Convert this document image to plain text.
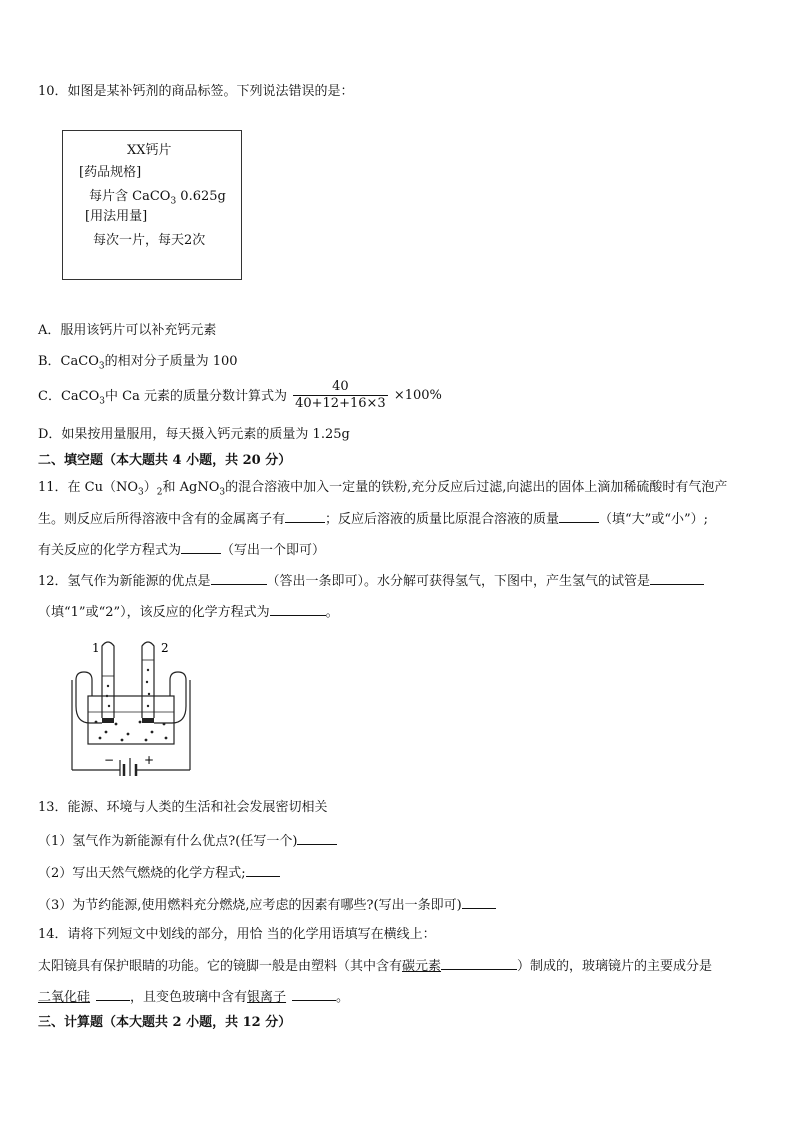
10．如图是某补钙剂的商品标签。下列说法错误的是：
XX钙片
[药品规格]
每片含 CaCO$_3$ 0.625g
[用法用量]
每次一片，每天2次
A．服用该钙片可以补充钙元素
B．CaCO$_3$的相对分子质量为 100
C．CaCO$_3$中 Ca 元素的质量分数计算式为 $\frac{40}{40+12+16\times 3} \times 100\%$
D．如果按用量服用，每天摄入钙元素的质量为 1.25g
二、填空题（本大题共 4 小题，共 20 分）
11．在 $Cu(NO_3)_2$和 AgNO$_3$的混合溶液中加入一定量的铁粉,充分反应后过滤,向滤出的固体上滴加稀硫酸时有气泡产
生。则反应后所得溶液中含有的金属离子有	；反应后溶液的质量比原混合溶液的质量	（填“大”或“小”）;
有关反应的化学方程式为	（写出一个即可）
12．氢气作为新能源的优点是	（答出一条即可）。水分解可获得氢气，下图中，产生氢气的试管是
（填“1”或“2”），该反应的化学方程式为	。
1	2
− +
13．能源、环境与人类的生活和社会发展密切相关
（1）氢气作为新能源有什么优点?(任写一个)
（2）写出天然气燃烧的化学方程式;
（3）为节约能源,使用燃料充分燃烧,应考虑的因素有哪些?(写出一条即可)
14．请将下列短文中划线的部分，用恰 当的化学用语填写在横线上：
太阳镜具有保护眼睛的功能。它的镜脚一般是由塑料（其中含有碳元素	）制成的，玻璃镜片的主要成分是
二氧化硅	，且变色玻璃中含有银离子	。
三、计算题（本大题共 2 小题，共 12 分）
